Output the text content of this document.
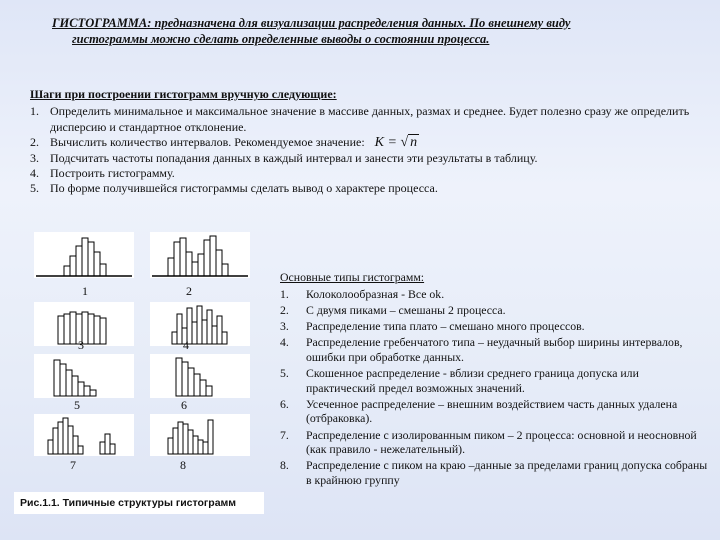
ГИСТОГРАММА: предназначена для визуализации распределения данных. По внешнему виду
гистограммы можно сделать определенные выводы о состоянии процесса.
Шаги при построении гистограмм вручную следующие:
1. Определить минимальное и максимальное значение в массиве данных, размах и среднее. Будет полезно сразу же определить дисперсию и стандартное отклонение.
2. Вычислить количество интервалов. Рекомендуемое значение: K = √ n
3. Подсчитать частоты попадания данных в каждый интервал и занести эти результаты в таблицу.
4. Построить гистограмму.
5. По форме получившейся гистограммы сделать вывод о характере процесса.
1	2
3	4
5	6
7	8
Рис.1.1. Типичные структуры гистограмм
Основные типы гистограмм:
1. Колоколообразная - Все ok.
2. С двумя пиками – смешаны 2 процесса.
3. Распределение типа плато – смешано много процессов.
4. Распределение гребенчатого типа – неудачный выбор ширины интервалов, ошибки при обработке данных.
5. Скошенное распределение - вблизи среднего граница допуска или практический предел возможных значений.
6. Усеченное распределение – внешним воздействием часть данных удалена (отбраковка).
7. Распределение с изолированным пиком – 2 процесса: основной и неосновной (как правило - нежелательный).
8. Распределение с пиком на краю –данные за пределами границ допуска собраны в крайнюю группу
